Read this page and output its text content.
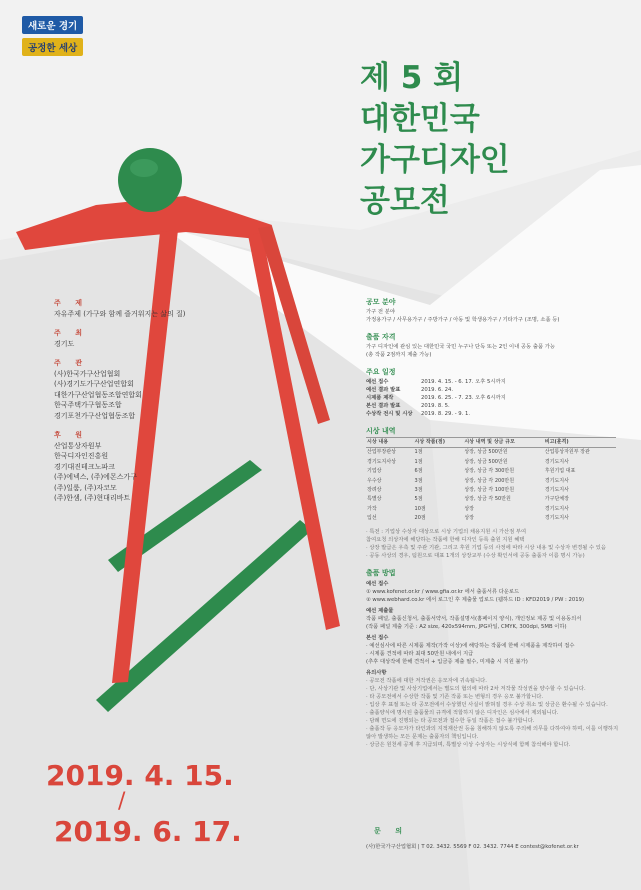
새로운 경기
공정한 세상
제 5 회
대한민국
가구디자인
공모전
주 제
자유주제 (가구와 함께 즐거워지는 삶의 질)
주 최
경기도
주 관
(사)한국가구산업협회
(사)경기도가구산업연합회
대한가구산업협동조합연합회
한국주택가구협동조합
경기포천가구산업협동조합
후 원
산업통상자원부
한국디자인진흥원
경기대진테크노파크
(주)에넥스, (주)에몬스가구
(주)일룸, (주)자코모
(주)한샘, (주)현대리바트
공모 분야
가구 전 분야
가정용가구 / 사무용가구 / 주방가구 / 아동 및 학생용가구 / 기타가구 (조명, 소품 등)
출품 자격
가구 디자인에 관심 있는 대한민국 국민 누구나 단독 또는 2인 이내 공동 출품 가능
(총 작품 2점까지 제출 가능)
주요 일정
예선 접수	2019. 4. 15. - 6. 17. 오후 5시까지
예선 결과 발표	2019. 6. 24.
시제품 제작	2019. 6. 25. - 7. 23. 오후 6시까지
본선 결과 발표	2019. 8. 5.
수상작 전시 및 시상	2019. 8. 29. - 9. 1.
시상 내역
시상 내용	시상 작품(점)	시상 내역 및 상금 규모	비고(훈격)
산업부장관상	1점	상장, 상금 500만원	산업통상자원부 장관
경기도지사상	1점	상장, 상금 500만원	경기도지사
기업상	6점	상장, 상금 각 300만원	후원기업 대표
우수상	3점	상장, 상금 각 200만원	경기도지사
장려상	3점	상장, 상금 각 100만원	경기도지사
특별상	5점	상장, 상금 각 50만원	가구단체장
가작	10점	상장	경기도지사
입선	20점	상장	경기도지사
· 특전 : 기업상 수상자 대상으로 시상 기업의 채용지원 시 가산점 부여
참여요청 의상자에 해당하는 작품에 한해 디자인 등록 출원 지원 혜택
· 상장 발급은 우측 및 주관 기관, 그리고 후원 기업 등의 사정에 따라 시상 내용 및 수상자 변경될 수 있음
· 공동 사상의 경우, 팀원으로 대표 1개의 상장교부 (수상 확인서에 공동 출품자 이름 명시 가능)
출품 방법
예선 접수
① www.kofenet.or.kr / www.gfia.or.kr 에서 출품서류 다운로드
② www.webhard.co.kr 에서 로그인 후 제출물 업로드 (웹하드 ID : KFD2019 / PW : 2019)
예선 제출물
작품 패널, 출품신청서, 출품서약서, 작품설명서(홈페이지 양식), 개인정보 제공 및 이용동의서
(작품 패널 제출 기준 : A2 size, 420x594mm, JPG파일, CMYK, 300dpi, 5MB 이하)
본선 접수
· 예선심사에 따른 시제품 제작(가작 이상)에 해당하는 작품에 한해 시제품을 제작하여 접수
· 시제품 견적에 따라 최대 50만원 내에서 지급
(추후 대상작에 한해 견적서 + 입금증 제출 필수, 미제출 시 지원 불가)
유의사항
· 공모전 작품에 대한 저작권은 응모자에 귀속됩니다.
· 단, 사상기관 및 사상기업에서는 별도의 협의에 따라 2차 저작물 작성권을 양수할 수 있습니다.
· 타 공모전에서 수상한 작품 및 기존 작품 또는 변형의 경우 응모 불가합니다.
· 입상 후 표절 또는 타 공모전에서 수상했던 사실이 밝혀질 경우 수상 취소 및 상금은 환수될 수 있습니다.
· 출품양식에 명시된 출품물의 규격에 적합하지 않은 디자인은 심사에서 제외됩니다.
· 담례 면도에 진행되는 타 공모전과 접수한 동일 작품은 접수 불가합니다.
· 출품작 등 응모자가 타인과의 지적재산권 등을 침해하지 않도록 주의해 의무를 다하여야 하며, 이를 이행하지
않아 발생하는 모든 문제는 출품자의 책임입니다.
· 상금은 원천세 공제 후 지급되며, 특별상 이상 수상자는 시상식에 함께 참석해야 합니다.
문 의
(사)한국가구산업협회 | T 02. 3432. 5569 F 02. 3432. 7744 E contest@kofenet.or.kr
2019. 4. 15.
/
2019. 6. 17.
